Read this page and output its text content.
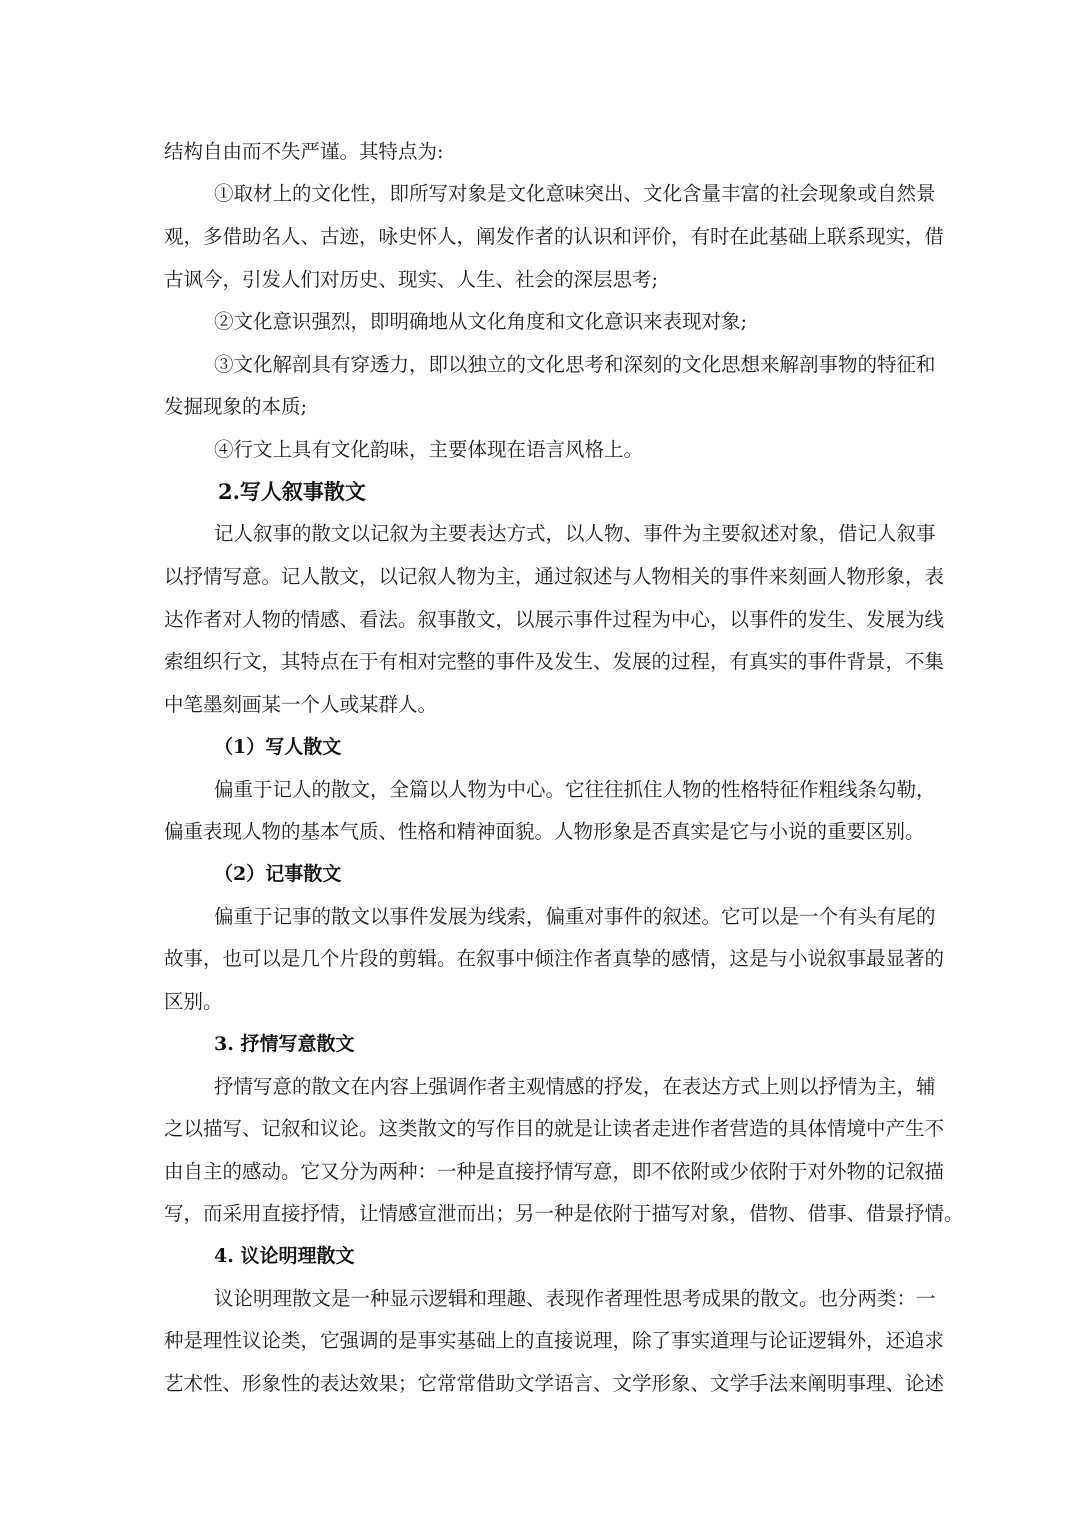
结构自由而不失严谨。其特点为:
①取材上的文化性，即所写对象是文化意味突出、文化含量丰富的社会现象或自然景
观，多借助名人、古迹，咏史怀人，阐发作者的认识和评价，有时在此基础上联系现实，借
古讽今，引发人们对历史、现实、人生、社会的深层思考;
②文化意识强烈，即明确地从文化角度和文化意识来表现对象;
③文化解剖具有穿透力，即以独立的文化思考和深刻的文化思想来解剖事物的特征和
发掘现象的本质;
④行文上具有文化韵味，主要体现在语言风格上。
2.写人叙事散文
记人叙事的散文以记叙为主要表达方式，以人物、事件为主要叙述对象，借记人叙事
以抒情写意。记人散文，以记叙人物为主，通过叙述与人物相关的事件来刻画人物形象，表
达作者对人物的情感、看法。叙事散文，以展示事件过程为中心，以事件的发生、发展为线
索组织行文，其特点在于有相对完整的事件及发生、发展的过程，有真实的事件背景，不集
中笔墨刻画某一个人或某群人。
（1）写人散文
偏重于记人的散文，全篇以人物为中心。它往往抓住人物的性格特征作粗线条勾勒，
偏重表现人物的基本气质、性格和精神面貌。人物形象是否真实是它与小说的重要区别。
（2）记事散文
偏重于记事的散文以事件发展为线索，偏重对事件的叙述。它可以是一个有头有尾的
故事，也可以是几个片段的剪辑。在叙事中倾注作者真挚的感情，这是与小说叙事最显著的
区别。
3. 抒情写意散文
抒情写意的散文在内容上强调作者主观情感的抒发，在表达方式上则以抒情为主，辅
之以描写、记叙和议论。这类散文的写作目的就是让读者走进作者营造的具体情境中产生不
由自主的感动。它又分为两种：一种是直接抒情写意，即不依附或少依附于对外物的记叙描
写，而采用直接抒情，让情感宣泄而出；另一种是依附于描写对象，借物、借事、借景抒情。
4. 议论明理散文
议论明理散文是一种显示逻辑和理趣、表现作者理性思考成果的散文。也分两类：一
种是理性议论类，它强调的是事实基础上的直接说理，除了事实道理与论证逻辑外，还追求
艺术性、形象性的表达效果；它常常借助文学语言、文学形象、文学手法来阐明事理、论述
